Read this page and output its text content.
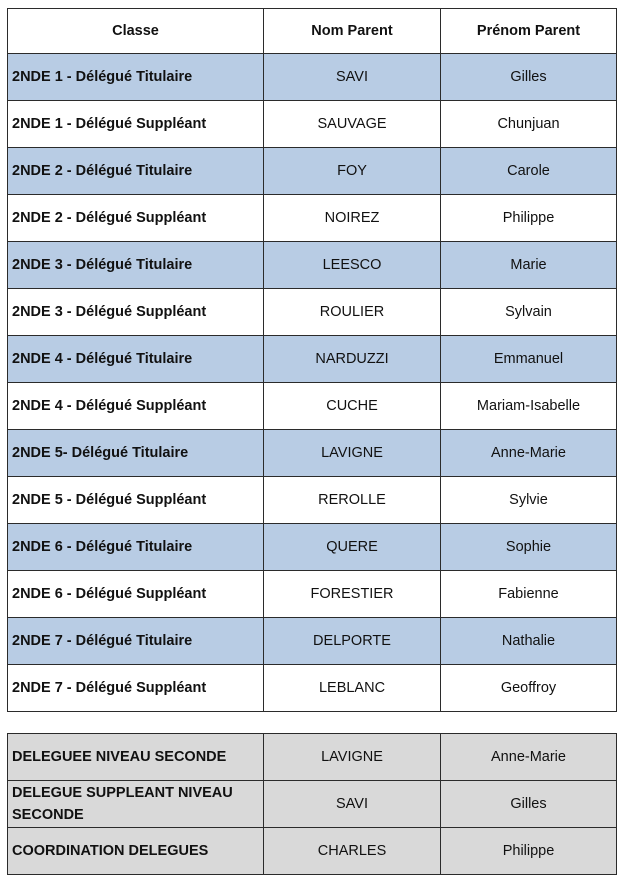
Classe	Nom Parent	Prénom Parent
2NDE 1 - Délégué Titulaire	SAVI	Gilles
2NDE 1 - Délégué Suppléant	SAUVAGE	Chunjuan
2NDE 2 - Délégué Titulaire	FOY	Carole
2NDE 2 - Délégué Suppléant	NOIREZ	Philippe
2NDE 3 - Délégué Titulaire	LEESCO	Marie
2NDE 3 - Délégué Suppléant	ROULIER	Sylvain
2NDE 4 - Délégué Titulaire	NARDUZZI	Emmanuel
2NDE 4 - Délégué Suppléant	CUCHE	Mariam-Isabelle
2NDE 5- Délégué Titulaire	LAVIGNE	Anne-Marie
2NDE 5 - Délégué Suppléant	REROLLE	Sylvie
2NDE 6 - Délégué Titulaire	QUERE	Sophie
2NDE 6 - Délégué Suppléant	FORESTIER	Fabienne
2NDE 7 - Délégué Titulaire	DELPORTE	Nathalie
2NDE 7 - Délégué Suppléant	LEBLANC	Geoffroy
DELEGUEE NIVEAU SECONDE	LAVIGNE	Anne-Marie
DELEGUE SUPPLEANT NIVEAU SECONDE	SAVI	Gilles
COORDINATION DELEGUES	CHARLES	Philippe
